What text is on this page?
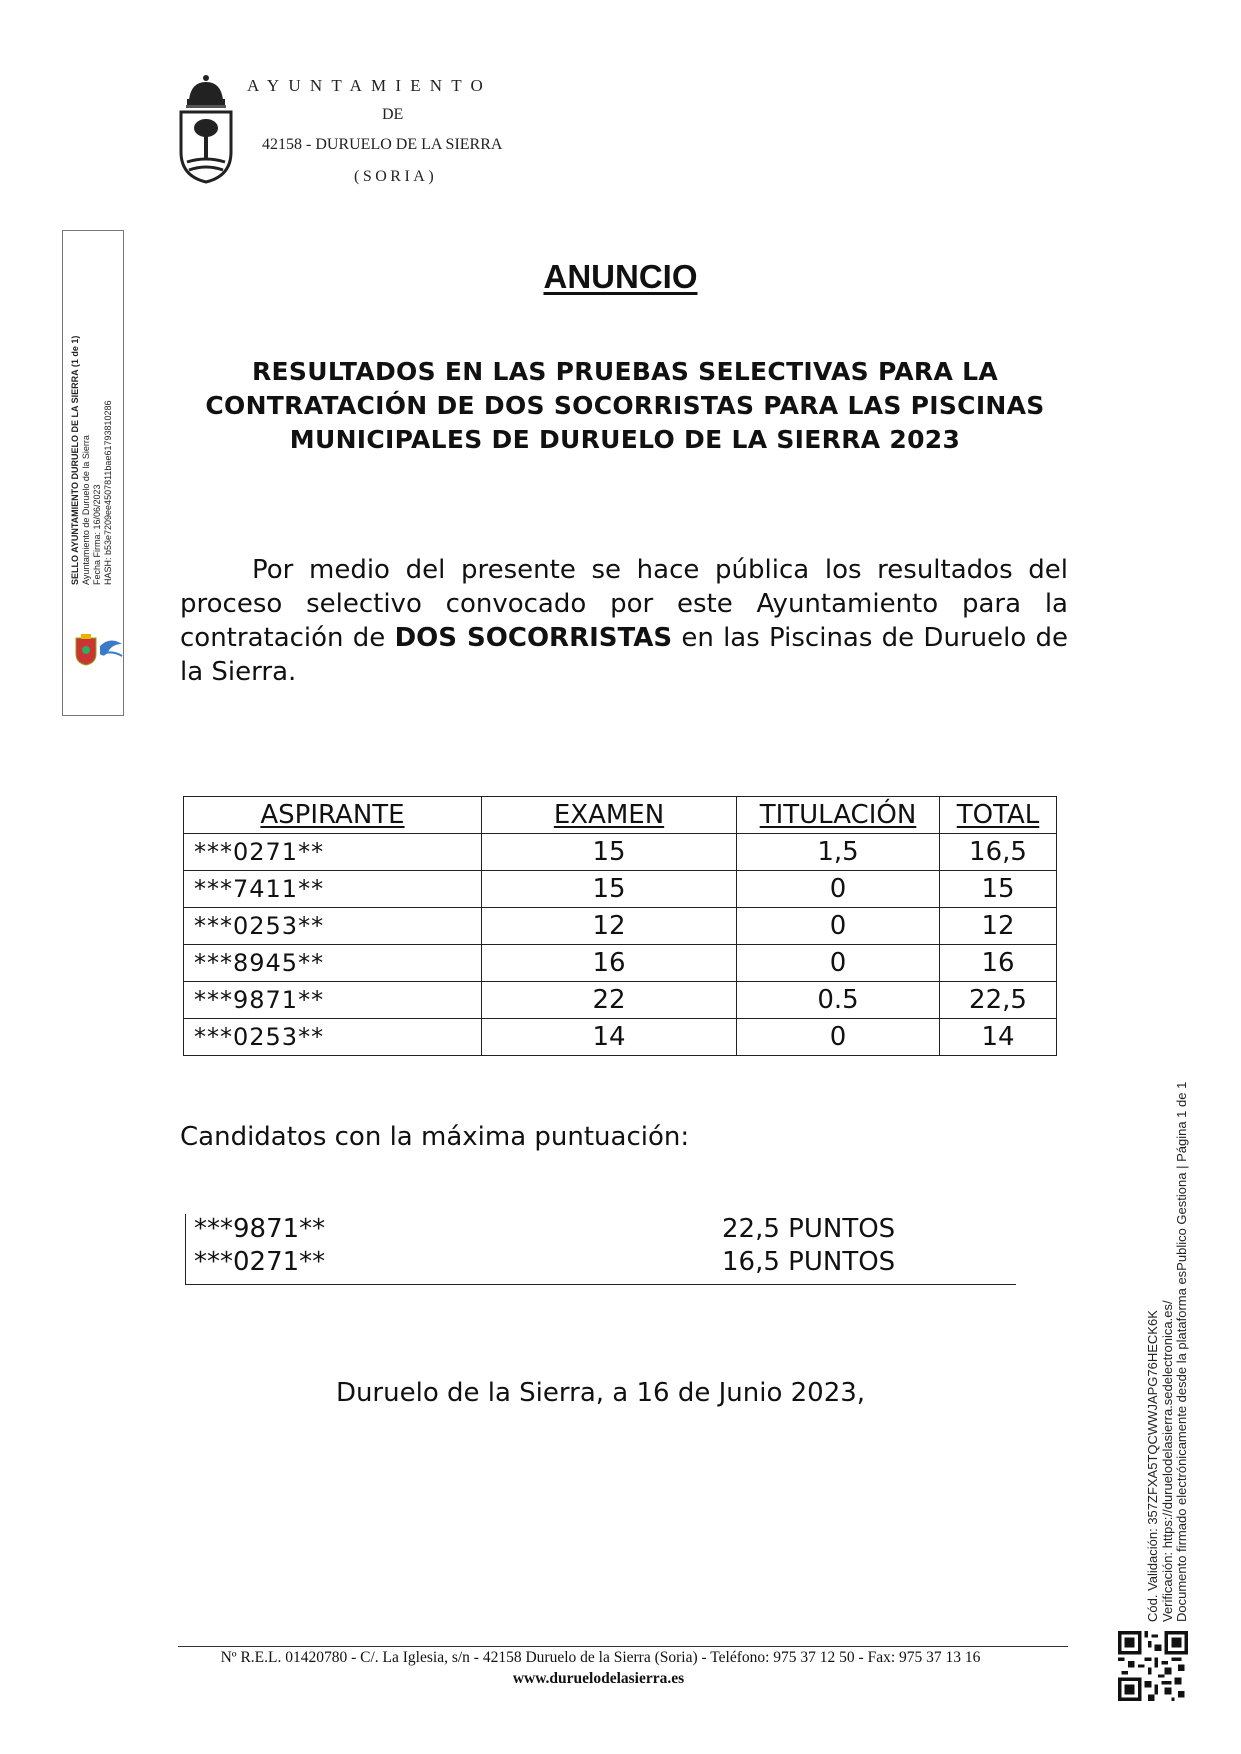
AYUNTAMIENTO
DE
42158 - DURUELO DE LA SIERRA
(SORIA)
SELLO AYUNTAMIENTO DURUELO DE LA SIERRA (1 de 1) Ayuntamiento de Duruelo de la Sierra Fecha Firma: 16/06/2023 HASH: b53e7209ee4507811bae6179381028​6
ANUNCIO
RESULTADOS EN LAS PRUEBAS SELECTIVAS PARA LA CONTRATACIÓN DE DOS SOCORRISTAS PARA LAS PISCINAS MUNICIPALES DE DURUELO DE LA SIERRA 2023
Por medio del presente se hace pública los resultados del proceso selectivo convocado por este Ayuntamiento para la contratación de DOS SOCORRISTAS en las Piscinas de Duruelo de la Sierra.
ASPIRANTE	EXAMEN	TITULACIÓN	TOTAL
***0271**	15	1,5	16,5
***7411**	15	0	15
***0253**	12	0	12
***8945**	16	0	16
***9871**	22	0.5	22,5
***0253**	14	0	14
Candidatos con la máxima puntuación:
***9871**	22,5 PUNTOS
***0271**	16,5 PUNTOS
Duruelo de la Sierra, a 16 de Junio 2023,
Nº R.E.L. 01420780 - C/. La Iglesia, s/n - 42158 Duruelo de la Sierra (Soria) - Teléfono: 975 37 12 50 - Fax: 975 37 13 16
www.duruelodelasierra.es
Cód. Validación: 357ZFXA5TQCWWJAPG76HECK6K Verificación: https://duruelodelasierra.sedelectronica.es/ Documento firmado electrónicamente desde la plataforma esPublico Gestiona | Página 1 de 1
